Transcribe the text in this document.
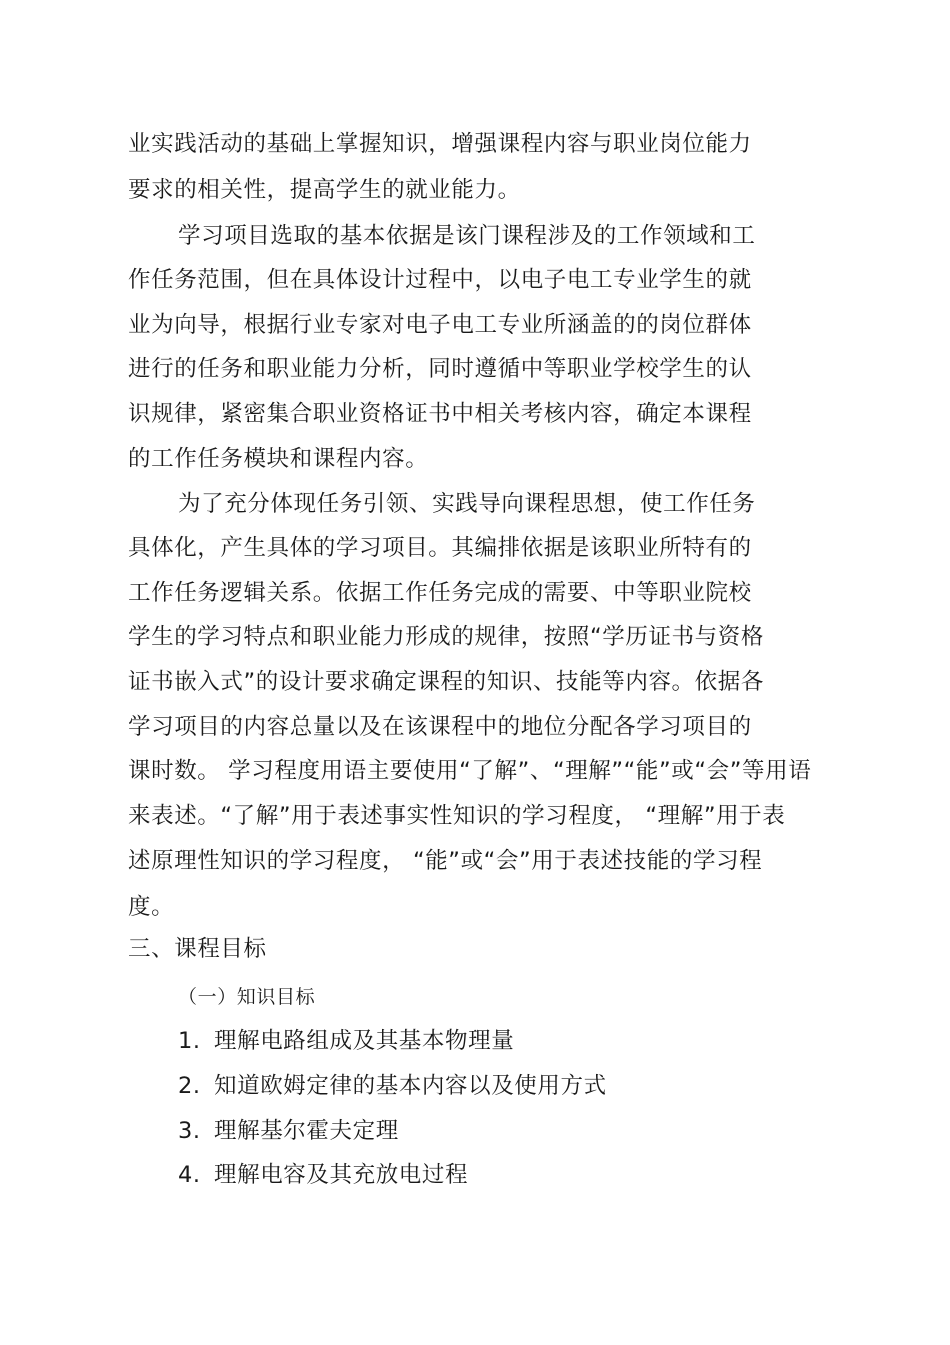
业实践活动的基础上掌握知识，增强课程内容与职业岗位能力
要求的相关性，提高学生的就业能力。
学习项目选取的基本依据是该门课程涉及的工作领域和工
作任务范围，但在具体设计过程中，以电子电工专业学生的就
业为向导，根据行业专家对电子电工专业所涵盖的的岗位群体
进行的任务和职业能力分析，同时遵循中等职业学校学生的认
识规律，紧密集合职业资格证书中相关考核内容，确定本课程
的工作任务模块和课程内容。
为了充分体现任务引领、实践导向课程思想，使工作任务
具体化，产生具体的学习项目。其编排依据是该职业所特有的
工作任务逻辑关系。依据工作任务完成的需要、中等职业院校
学生的学习特点和职业能力形成的规律，按照“学历证书与资格
证书嵌入式”的设计要求确定课程的知识、技能等内容。依据各
学习项目的内容总量以及在该课程中的地位分配各学习项目的
课时数。 学习程度用语主要使用“了解”、“理解”“能”或“会”等用语
来表述。“了解”用于表述事实性知识的学习程度， “理解”用于表
述原理性知识的学习程度， “能”或“会”用于表述技能的学习程
度。
三、课程目标
（一）知识目标
1. 理解电路组成及其基本物理量
2. 知道欧姆定律的基本内容以及使用方式
3. 理解基尔霍夫定理
4. 理解电容及其充放电过程
